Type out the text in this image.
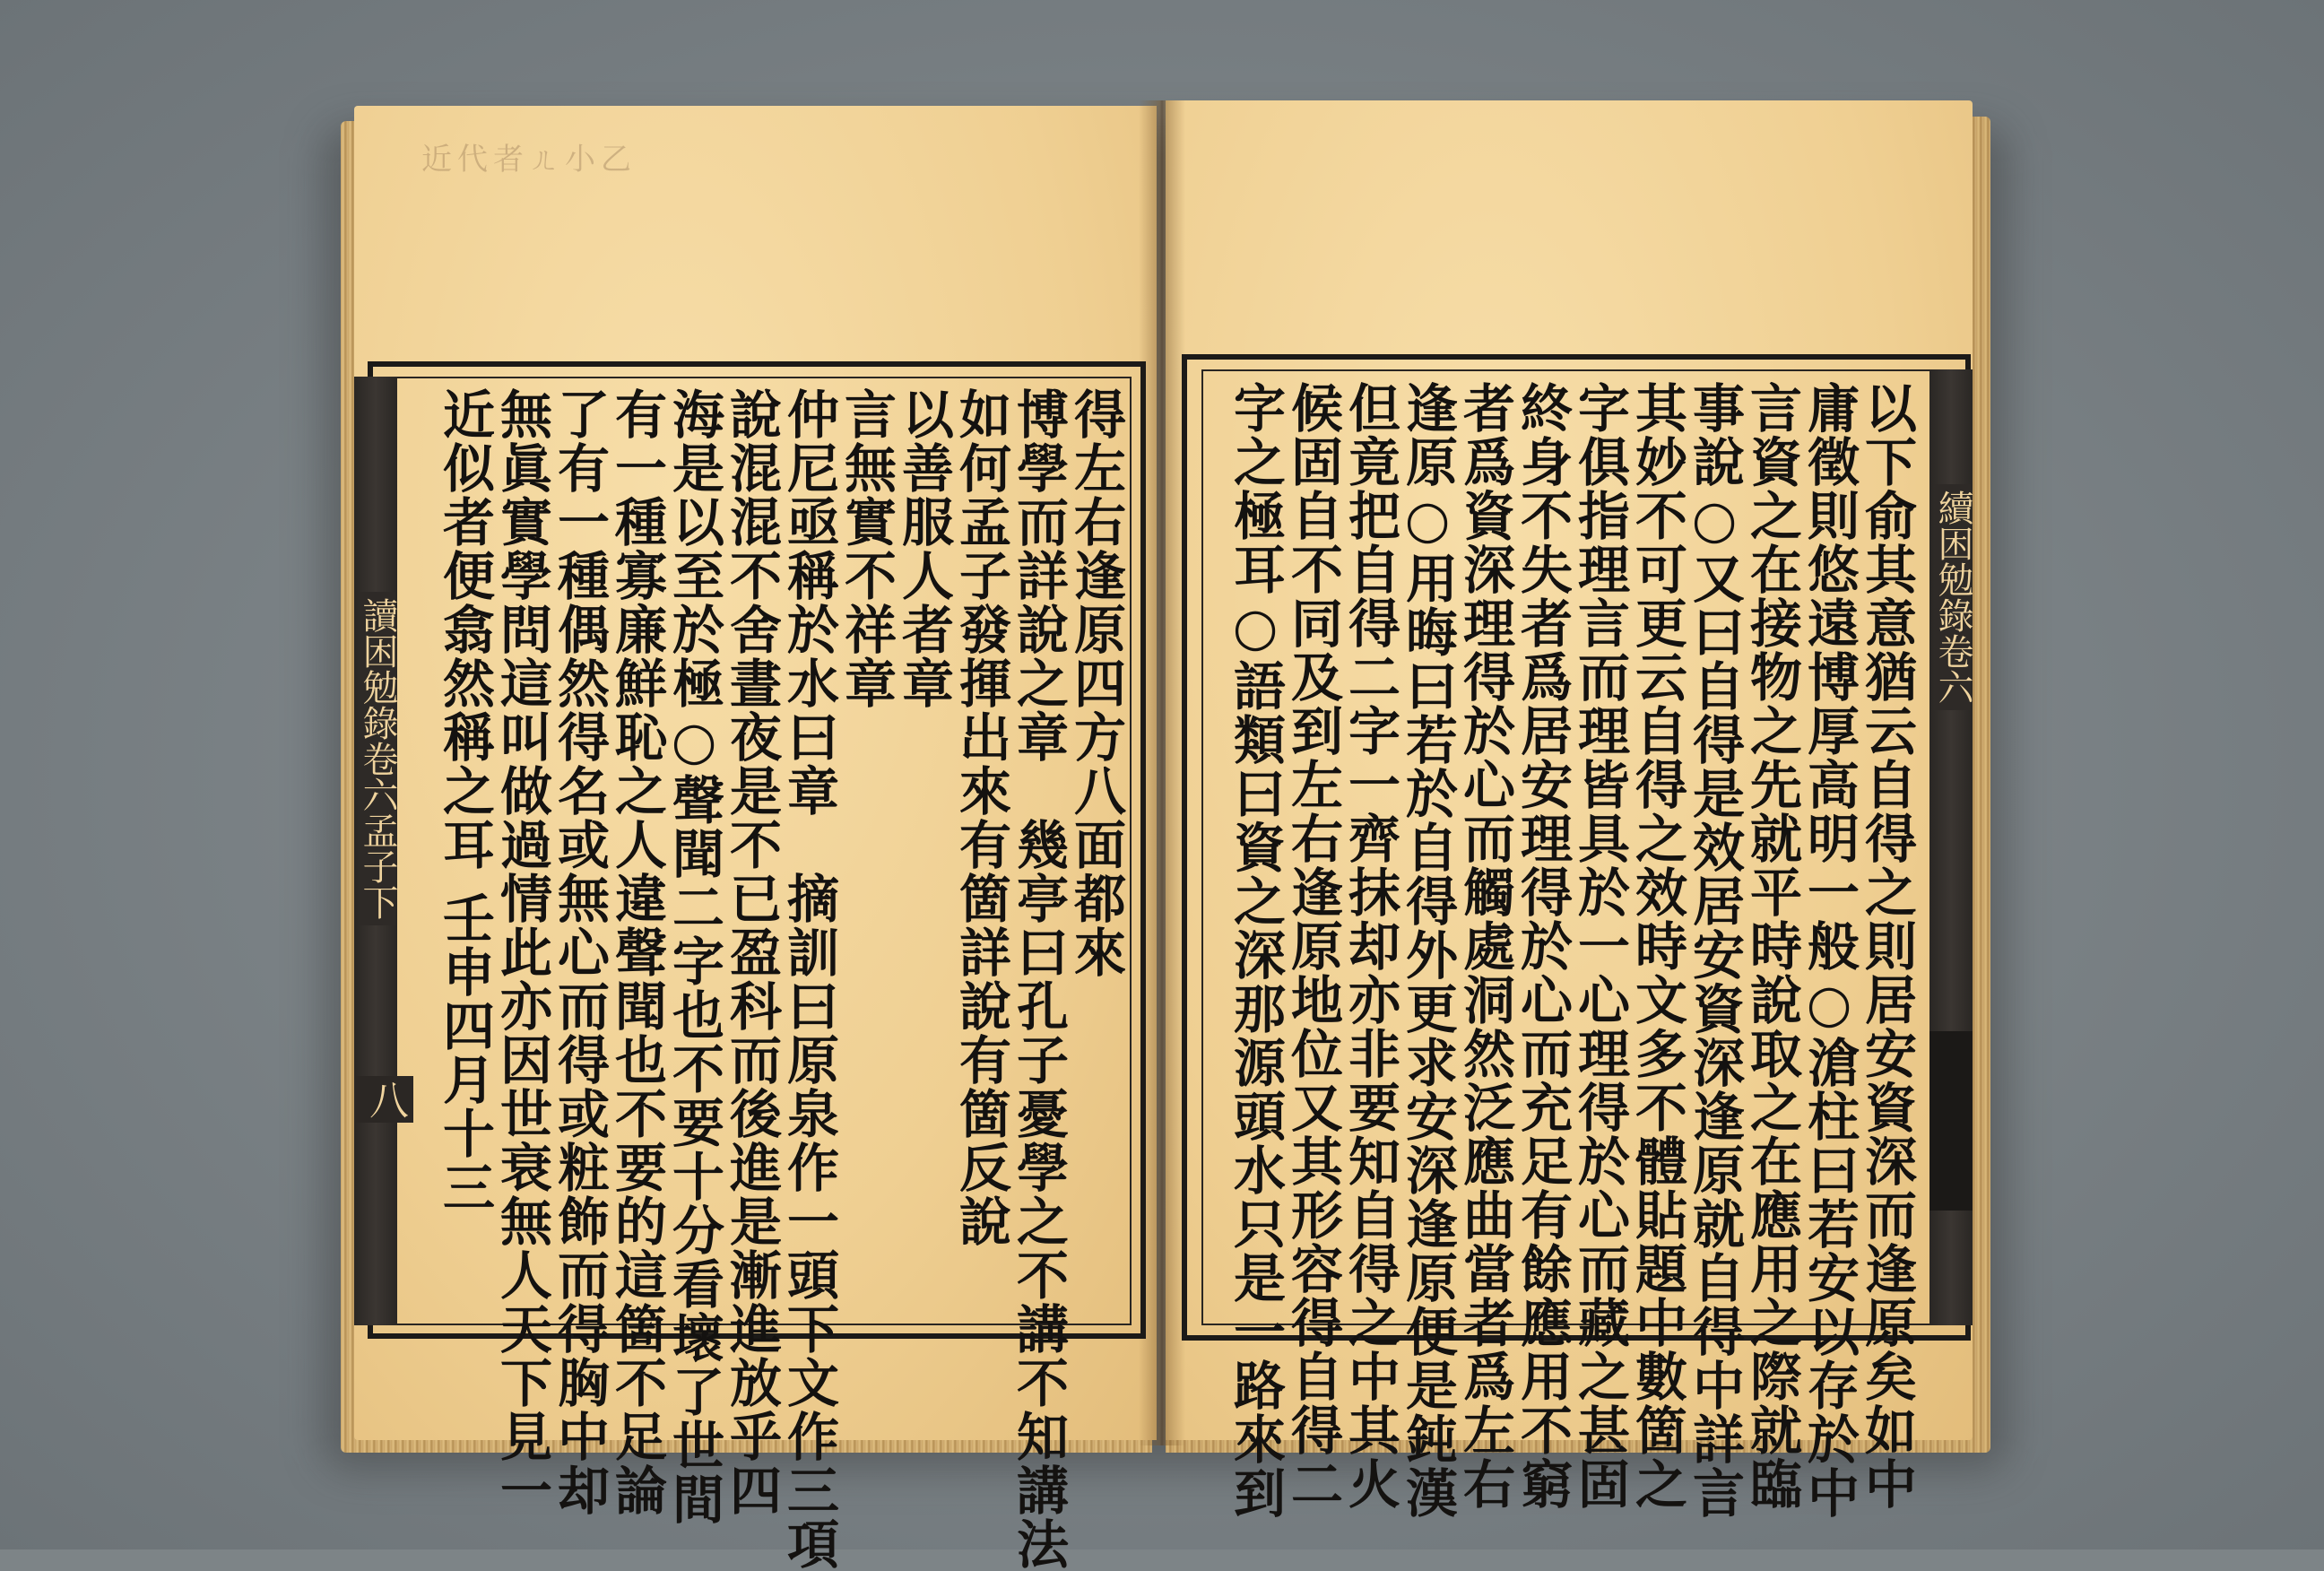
近代者ㄦ小乙
讀困勉錄卷六孟子下
八
得左右逢原四方八面都來
博學而詳說之章　幾亭曰孔子憂學之不講不知講法
如何孟子發揮出來有箇詳說有箇反說
以善服人者章
言無實不祥章
仲尼亟稱於水曰章　摘訓曰原泉作一頭下文作三項
說混混不舍晝夜是不已盈科而後進是漸進放乎四
海是以至於極○聲聞二字也不要十分看壞了世間
有一種寡廉鮮恥之人違聲聞也不要的這箇不足論
了有一種偶然得名或無心而得或粧飾而得胸中却
無眞實學問這叫做過情此亦因世衰無人天下見一
近似者便翕然稱之耳 壬申四月十三	續困勉錄卷六
以下俞其意猶云自得之則居安資深而逢原矣如中
庸徵則悠遠博厚高明一般○滄柱曰若安以存於中
言資之在接物之先就平時說取之在應用之際就臨
事說○又曰自得是效居安資深逢原就自得中詳言
其妙不可更云自得之效時文多不體貼題中數箇之
字俱指理言而理皆具於一心理得於心而藏之甚固
終身不失者爲居安理得於心而充足有餘應用不窮
者爲資深理得於心而觸處洞然泛應曲當者爲左右
逢原○用晦曰若於自得外更求安深逢原便是鈍漢
但竟把自得二字一齊抹却亦非要知自得之中其火
候固自不同及到左右逢原地位又其形容得自得二
字之極耳○語類曰資之深那源頭水只是一路來到
